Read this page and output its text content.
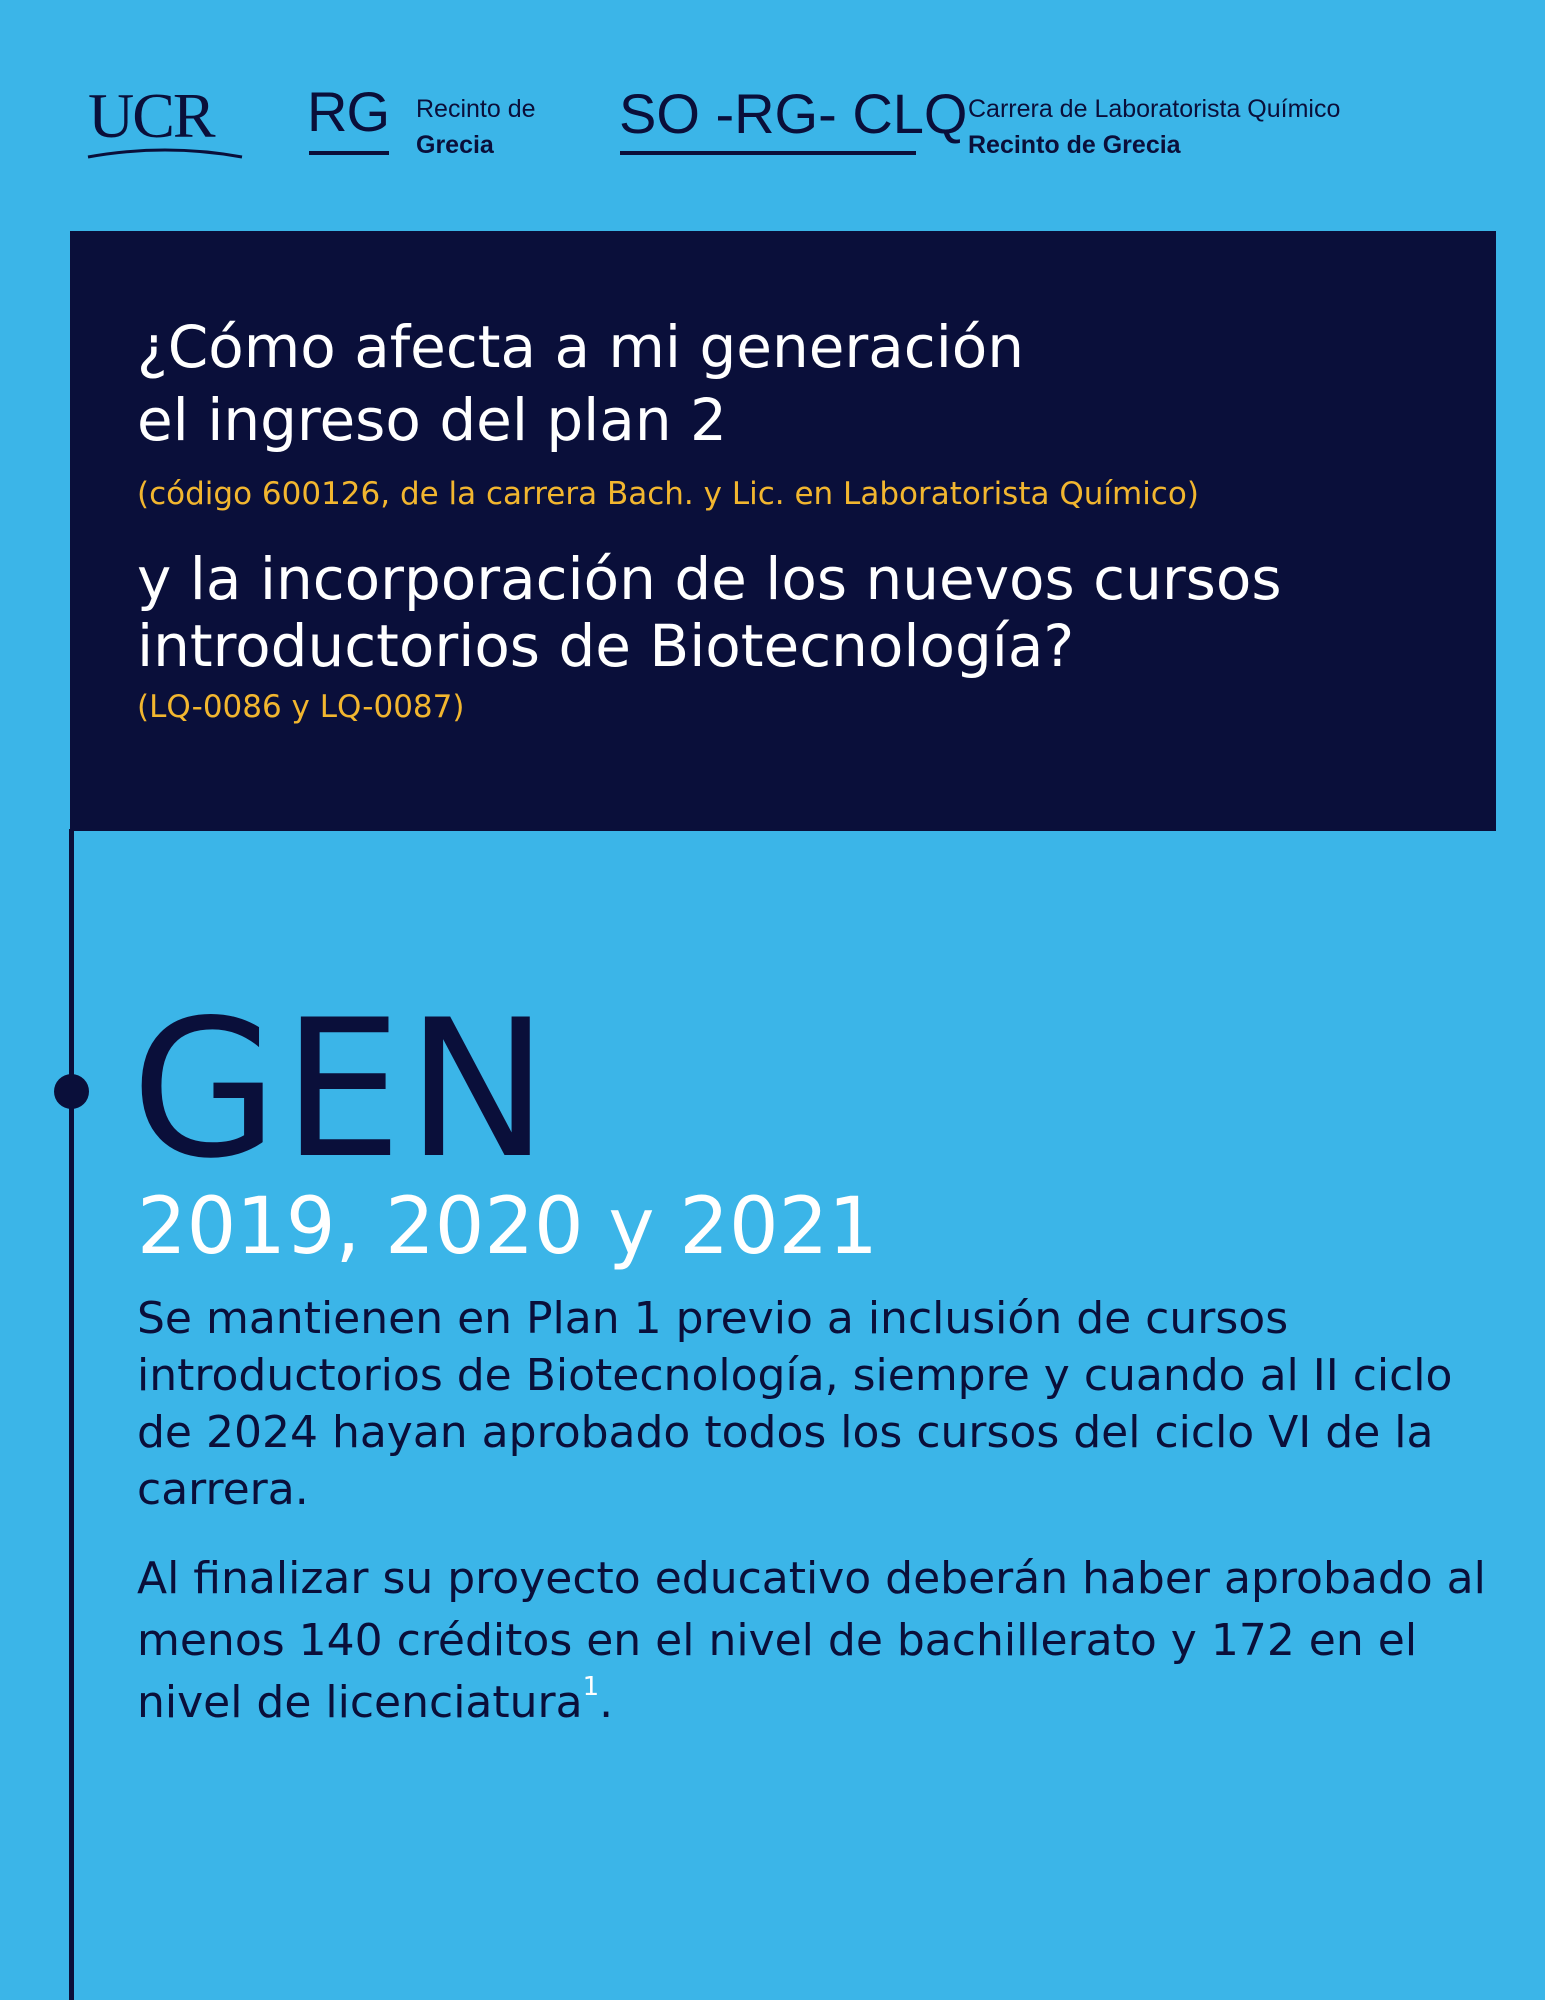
UCR RG Recinto de
Grecia	SO -RG- CLQ Carrera de Laboratorista Químico
Recinto de Grecia
¿Cómo afecta a mi generación
el ingreso del plan 2
(código 600126, de la carrera Bach. y Lic. en Laboratorista Químico)
y la incorporación de los nuevos cursos
introductorios de Biotecnología?
(LQ-0086 y LQ-0087)
GEN
2019, 2020 y 2021

Se mantienen en Plan 1 previo a inclusión de cursos introductorios de Biotecnología, siempre y cuando al II ciclo de 2024 hayan aprobado todos los cursos del ciclo VI de la carrera.

Al finalizar su proyecto educativo deberán haber aprobado al menos 140 créditos en el nivel de bachillerato y 172 en el nivel de licenciatura$^1$.
